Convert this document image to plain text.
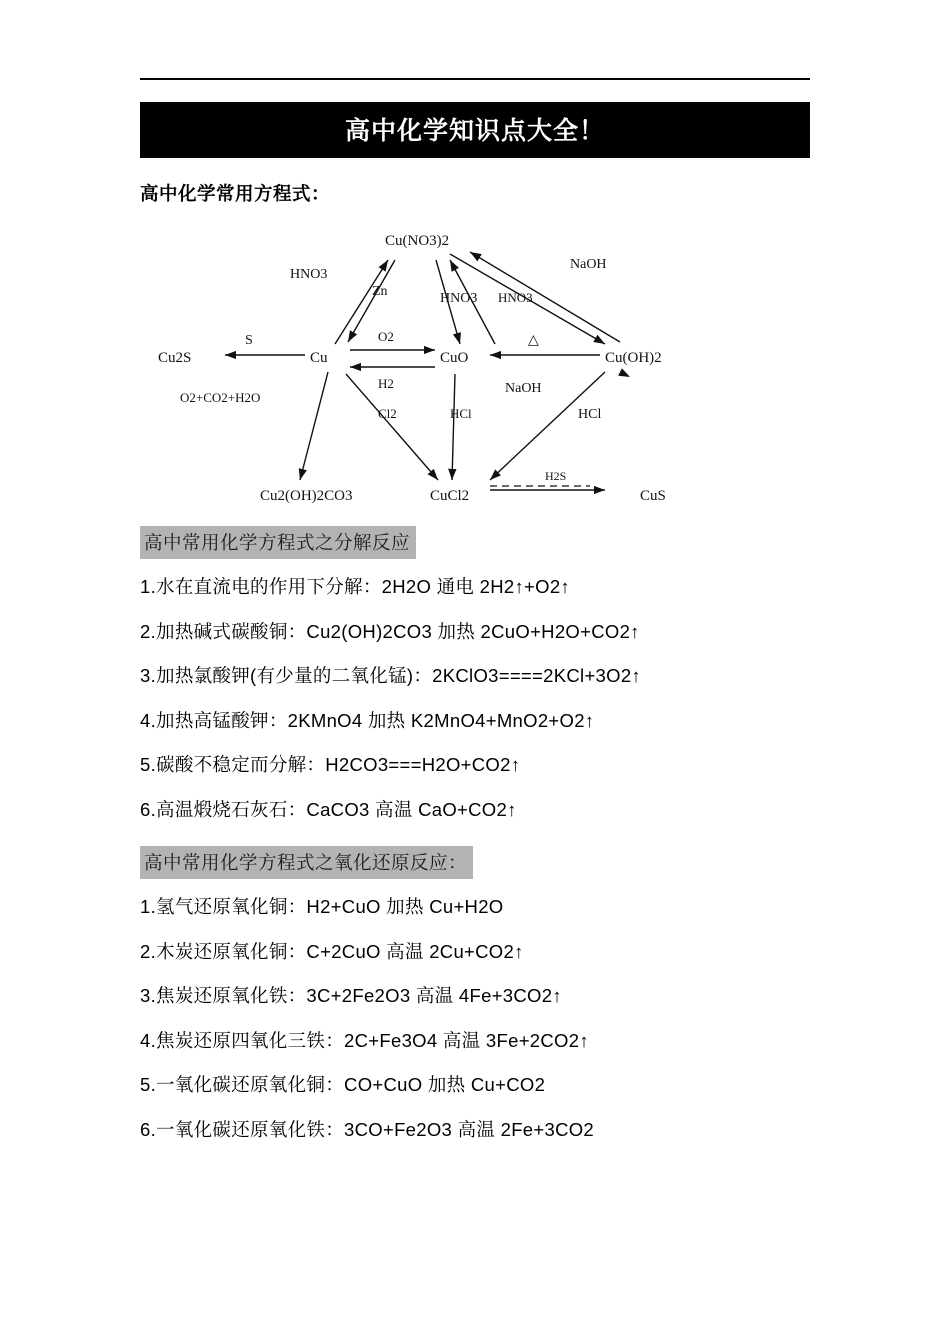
高中化学知识点大全！
高中化学常用方程式：
Cu(NO3)2
Cu2S	Cu	CuO	Cu(OH)2
Cu2(OH)2CO3	CuCl2	CuS
HNO3
NaOH
Zn	HNO3 HNO3
S	O2
H2
△
O2+CO2+H2O
Cl2	HCl
NaOH
HCl
H2S
高中常用化学方程式之分解反应

1.水在直流电的作用下分解：2H2O 通电 2H2↑+O2↑

2.加热碱式碳酸铜：Cu2(OH)2CO3 加热 2CuO+H2O+CO2↑

3.加热氯酸钾(有少量的二氧化锰)：2KClO3====2KCl+3O2↑

4.加热高锰酸钾：2KMnO4 加热 K2MnO4+MnO2+O2↑

5.碳酸不稳定而分解：H2CO3===H2O+CO2↑

6.高温煅烧石灰石：CaCO3 高温 CaO+CO2↑

高中常用化学方程式之氧化还原反应：

1.氢气还原氧化铜：H2+CuO 加热 Cu+H2O

2.木炭还原氧化铜：C+2CuO 高温 2Cu+CO2↑

3.焦炭还原氧化铁：3C+2Fe2O3 高温 4Fe+3CO2↑

4.焦炭还原四氧化三铁：2C+Fe3O4 高温 3Fe+2CO2↑

5.一氧化碳还原氧化铜：CO+CuO 加热 Cu+CO2

6.一氧化碳还原氧化铁：3CO+Fe2O3 高温 2Fe+3CO2
